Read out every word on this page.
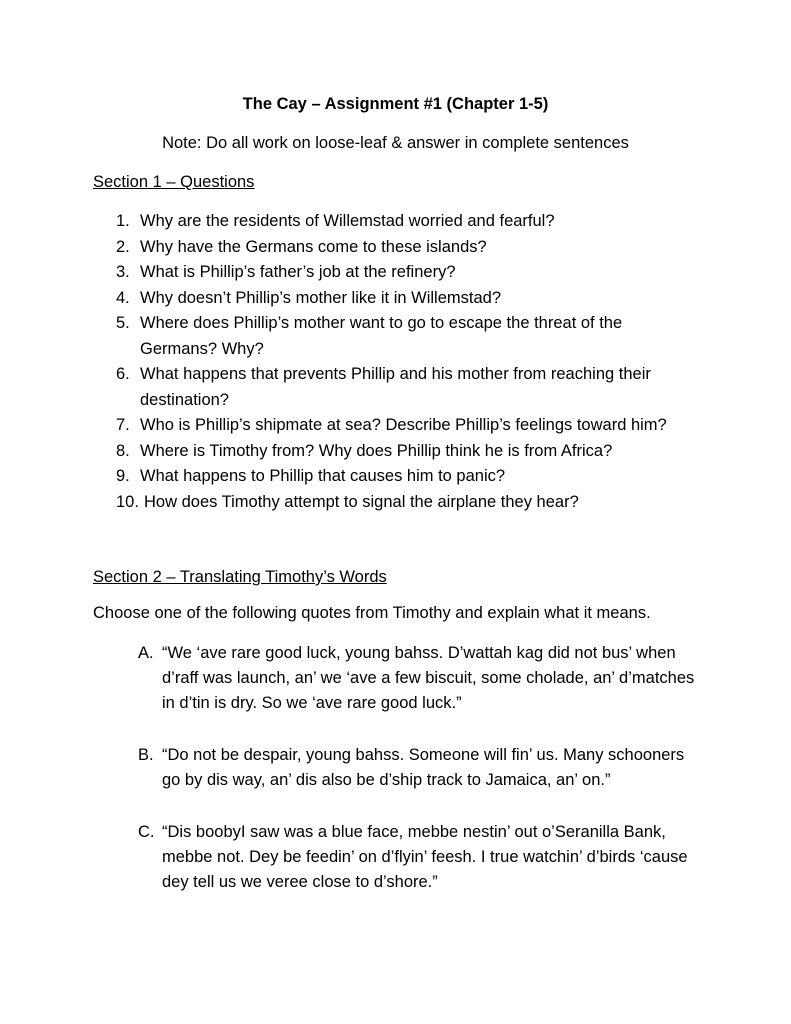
The Cay – Assignment #1 (Chapter 1-5)
Note: Do all work on loose-leaf & answer in complete sentences
Section 1 – Questions
1. Why are the residents of Willemstad worried and fearful?
2. Why have the Germans come to these islands?
3. What is Phillip’s father’s job at the refinery?
4. Why doesn’t Phillip’s mother like it in Willemstad?
5. Where does Phillip’s mother want to go to escape the threat of the Germans? Why?
6. What happens that prevents Phillip and his mother from reaching their destination?
7. Who is Phillip’s shipmate at sea? Describe Phillip’s feelings toward him?
8. Where is Timothy from? Why does Phillip think he is from Africa?
9. What happens to Phillip that causes him to panic?
10. How does Timothy attempt to signal the airplane they hear?
Section 2 – Translating Timothy’s Words
Choose one of the following quotes from Timothy and explain what it means.
A. “We ‘ave rare good luck, young bahss. D’wattah kag did not bus’ when d’raff was launch, an’ we ‘ave a few biscuit, some cholade, an’ d’matches in d’tin is dry. So we ‘ave rare good luck.”
B. “Do not be despair, young bahss. Someone will fin’ us. Many schooners go by dis way, an’ dis also be d’ship track to Jamaica, an’ on.”
C. “Dis boobyI saw was a blue face, mebbe nestin’ out o’Seranilla Bank, mebbe not. Dey be feedin’ on d’flyin’ feesh. I true watchin’ d’birds ‘cause dey tell us we veree close to d’shore.”
